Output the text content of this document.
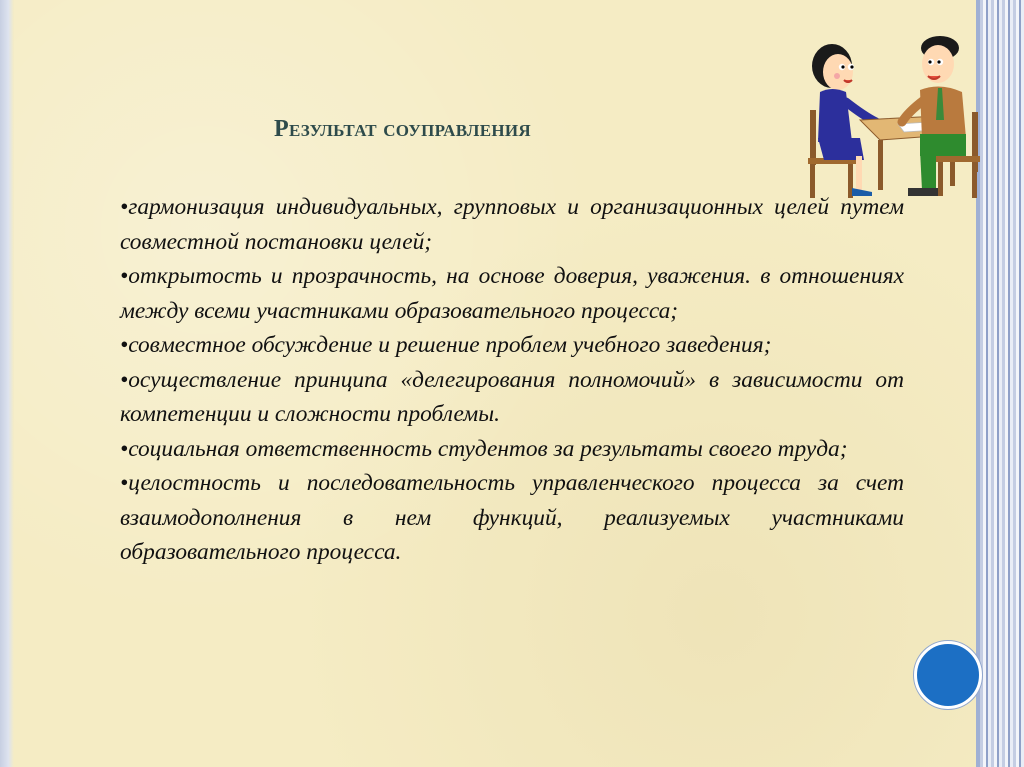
Результат соуправления

•гармонизация индивидуальных, групповых и организационных целей путем совместной постановки целей;

•открытость и прозрачность, на основе доверия, уважения. в отношениях между всеми участниками образовательного процесса;

•совместное обсуждение и решение проблем учебного заведения;

•осуществление принципа «делегирования полномочий» в зависимости от компетенции и сложности проблемы.

•социальная ответственность студентов за результаты своего труда;

•целостность и последовательность управленческого процесса за счет взаимодополнения в нем функций, реализуемых участниками образовательного процесса.
